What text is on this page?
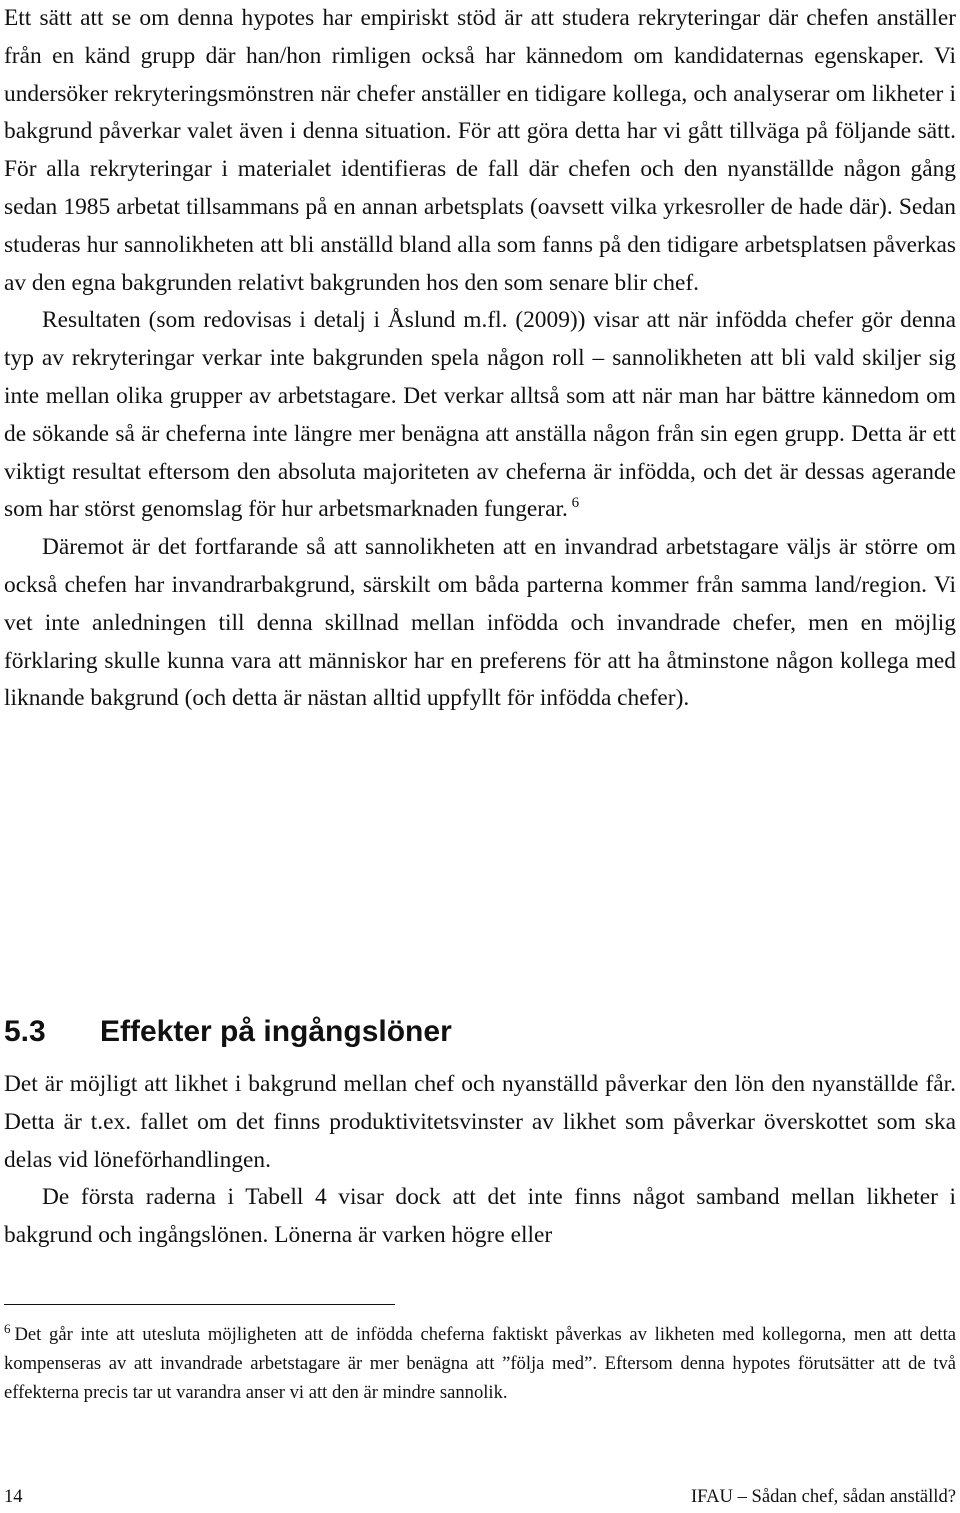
Ett sätt att se om denna hypotes har empiriskt stöd är att studera rekryteringar där chefen anställer från en känd grupp där han/hon rimligen också har kännedom om kandidaternas egenskaper. Vi undersöker rekryteringsmönstren när chefer anställer en tidigare kollega, och analyserar om likheter i bakgrund påverkar valet även i denna situation. För att göra detta har vi gått tillväga på följande sätt. För alla rekryteringar i materialet identifieras de fall där chefen och den nyanställde någon gång sedan 1985 arbetat tillsammans på en annan arbetsplats (oavsett vilka yrkesroller de hade där). Sedan studeras hur sannolikheten att bli anställd bland alla som fanns på den tidigare arbetsplatsen påverkas av den egna bakgrunden relativt bakgrunden hos den som senare blir chef.

Resultaten (som redovisas i detalj i Åslund m.fl. (2009)) visar att när infödda chefer gör denna typ av rekryteringar verkar inte bakgrunden spela någon roll – sannolikheten att bli vald skiljer sig inte mellan olika grupper av arbetstagare. Det verkar alltså som att när man har bättre kännedom om de sökande så är cheferna inte längre mer benägna att anställa någon från sin egen grupp. Detta är ett viktigt resultat eftersom den absoluta majoriteten av cheferna är infödda, och det är dessas agerande som har störst genomslag för hur arbetsmarknaden fungerar. $^6$

Däremot är det fortfarande så att sannolikheten att en invandrad arbetstagare väljs är större om också chefen har invandrarbakgrund, särskilt om båda parterna kommer från samma land/region. Vi vet inte anledningen till denna skillnad mellan infödda och invandrade chefer, men en möjlig förklaring skulle kunna vara att människor har en preferens för att ha åtminstone någon kollega med liknande bakgrund (och detta är nästan alltid uppfyllt för infödda chefer).

5.3 Effekter på ingångslöner

Det är möjligt att likhet i bakgrund mellan chef och nyanställd påverkar den lön den nyanställde får. Detta är t.ex. fallet om det finns produktivitetsvinster av likhet som påverkar överskottet som ska delas vid löneförhandlingen.

De första raderna i Tabell 4 visar dock att det inte finns något samband mellan likheter i bakgrund och ingångslönen. Lönerna är varken högre eller

$^6$ Det går inte att utesluta möjligheten att de infödda cheferna faktiskt påverkas av likheten med kollegorna, men att detta kompenseras av att invandrade arbetstagare är mer benägna att ”följa med”. Eftersom denna hypotes förutsätter att de två effekterna precis tar ut varandra anser vi att den är mindre sannolik.

14	IFAU – Sådan chef, sådan anställd?
